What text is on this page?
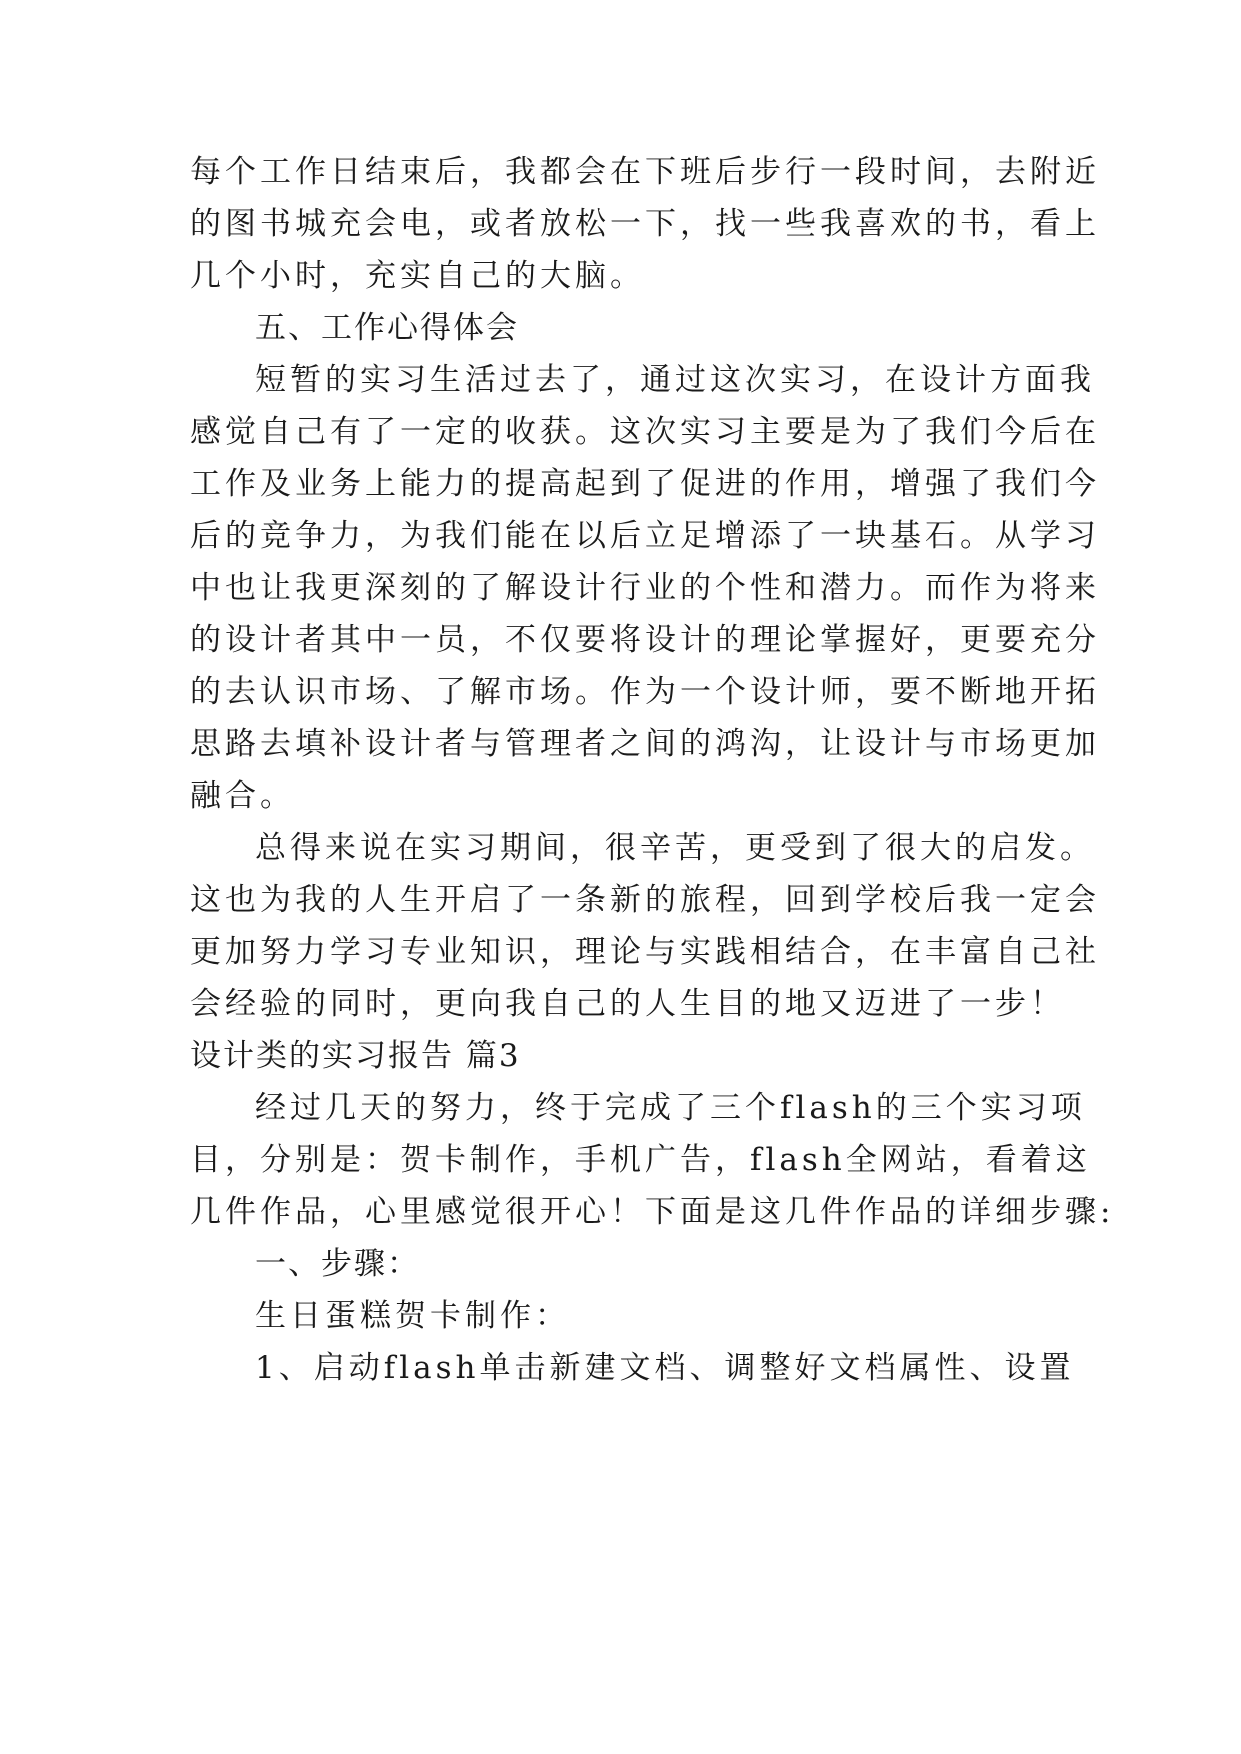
每个工作日结束后，我都会在下班后步行一段时间，去附近
的图书城充会电，或者放松一下，找一些我喜欢的书，看上
几个小时，充实自己的大脑。
五、工作心得体会
短暂的实习生活过去了，通过这次实习，在设计方面我
感觉自己有了一定的收获。这次实习主要是为了我们今后在
工作及业务上能力的提高起到了促进的作用，增强了我们今
后的竞争力，为我们能在以后立足增添了一块基石。从学习
中也让我更深刻的了解设计行业的个性和潜力。而作为将来
的设计者其中一员，不仅要将设计的理论掌握好，更要充分
的去认识市场、了解市场。作为一个设计师，要不断地开拓
思路去填补设计者与管理者之间的鸿沟，让设计与市场更加
融合。
总得来说在实习期间，很辛苦，更受到了很大的启发。
这也为我的人生开启了一条新的旅程，回到学校后我一定会
更加努力学习专业知识，理论与实践相结合，在丰富自己社
会经验的同时，更向我自己的人生目的地又迈进了一步！
设计类的实习报告 篇3
经过几天的努力，终于完成了三个flash的三个实习项
目，分别是：贺卡制作，手机广告，flash全网站，看着这
几件作品，心里感觉很开心！下面是这几件作品的详细步骤:
一、步骤：
生日蛋糕贺卡制作：
1、启动flash单击新建文档、调整好文档属性、设置
